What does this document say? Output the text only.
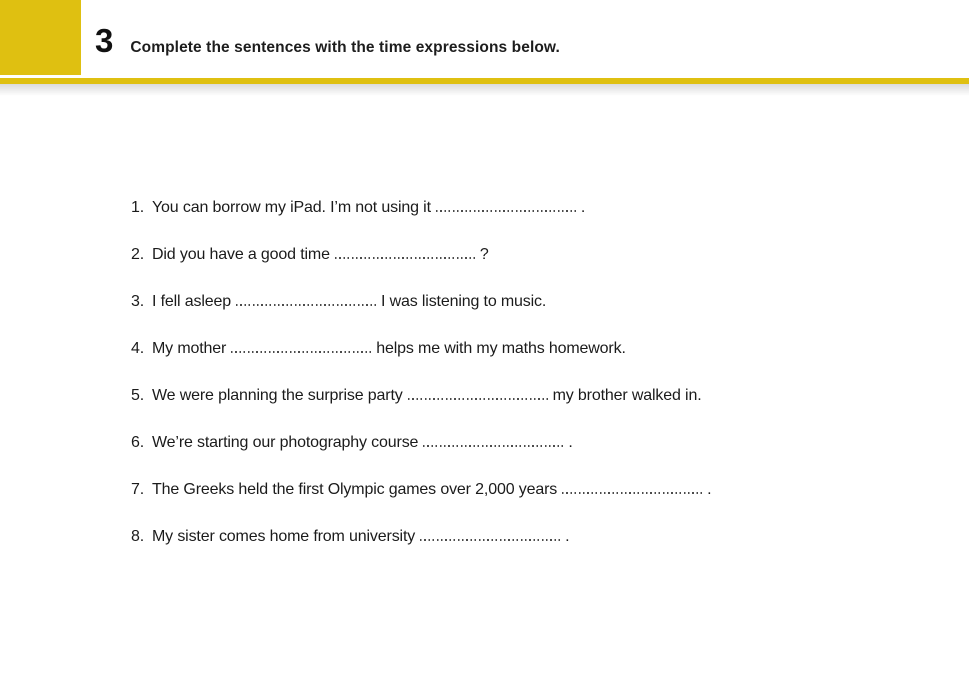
3 Complete the sentences with the time expressions below.
1. You can borrow my iPad. I’m not using it	.
2. Did you have a good time	?
3. I fell asleep	I was listening to music.
4. My mother	helps me with my maths homework.
5. We were planning the surprise party	my brother walked in.
6. We’re starting our photography course	.
7. The Greeks held the first Olympic games over 2,000 years	.
8. My sister comes home from university	.
